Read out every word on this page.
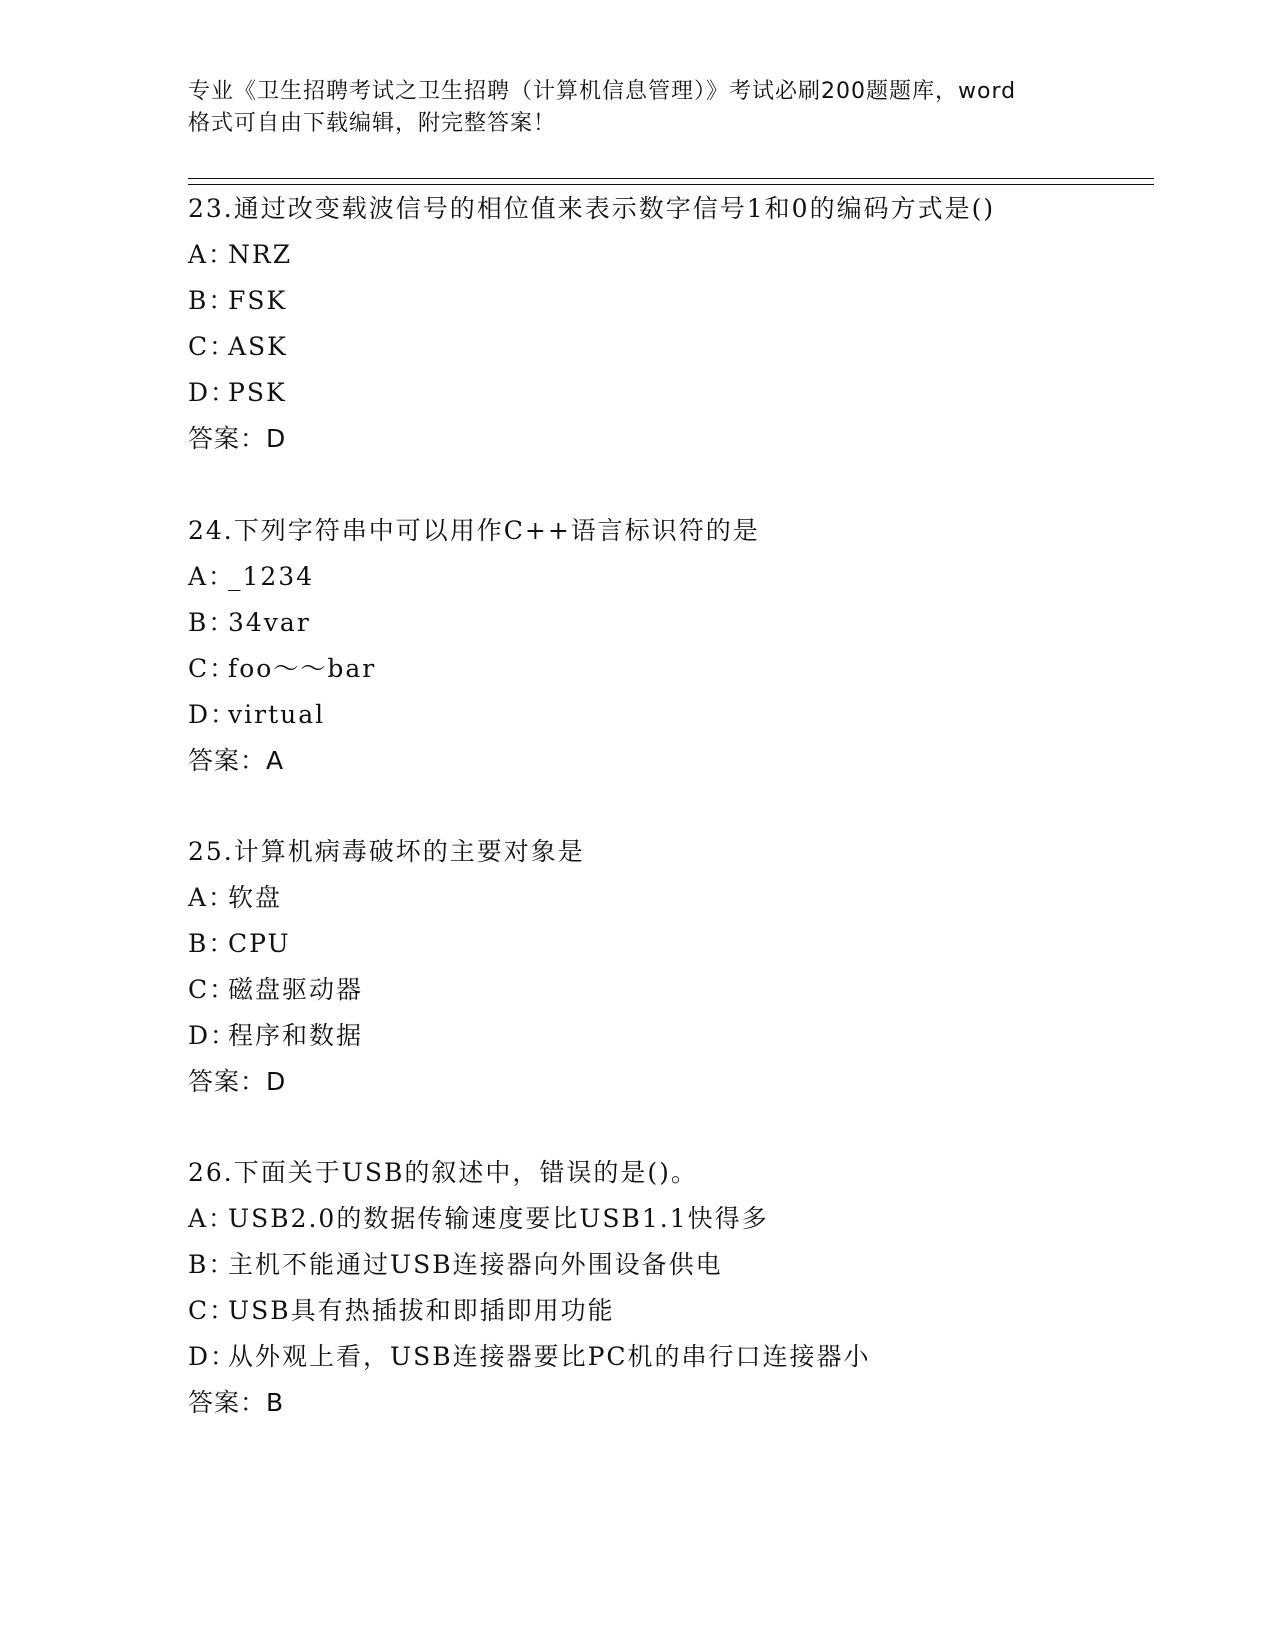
专业《卫生招聘考试之卫生招聘（计算机信息管理）》考试必刷200题题库，word
格式可自由下载编辑，附完整答案！
23.通过改变载波信号的相位值来表示数字信号1和0的编码方式是()
A：NRZ
B：FSK
C：ASK
D：PSK
答案：D
24.下列字符串中可以用作C++语言标识符的是
A：_1234
B：34var
C：foo～～bar
D：virtual
答案：A
25.计算机病毒破坏的主要对象是
A：软盘
B：CPU
C：磁盘驱动器
D：程序和数据
答案：D
26.下面关于USB的叙述中，错误的是()。
A：USB2.0的数据传输速度要比USB1.1快得多
B：主机不能通过USB连接器向外围设备供电
C：USB具有热插拔和即插即用功能
D：从外观上看，USB连接器要比PC机的串行口连接器小
答案：B
